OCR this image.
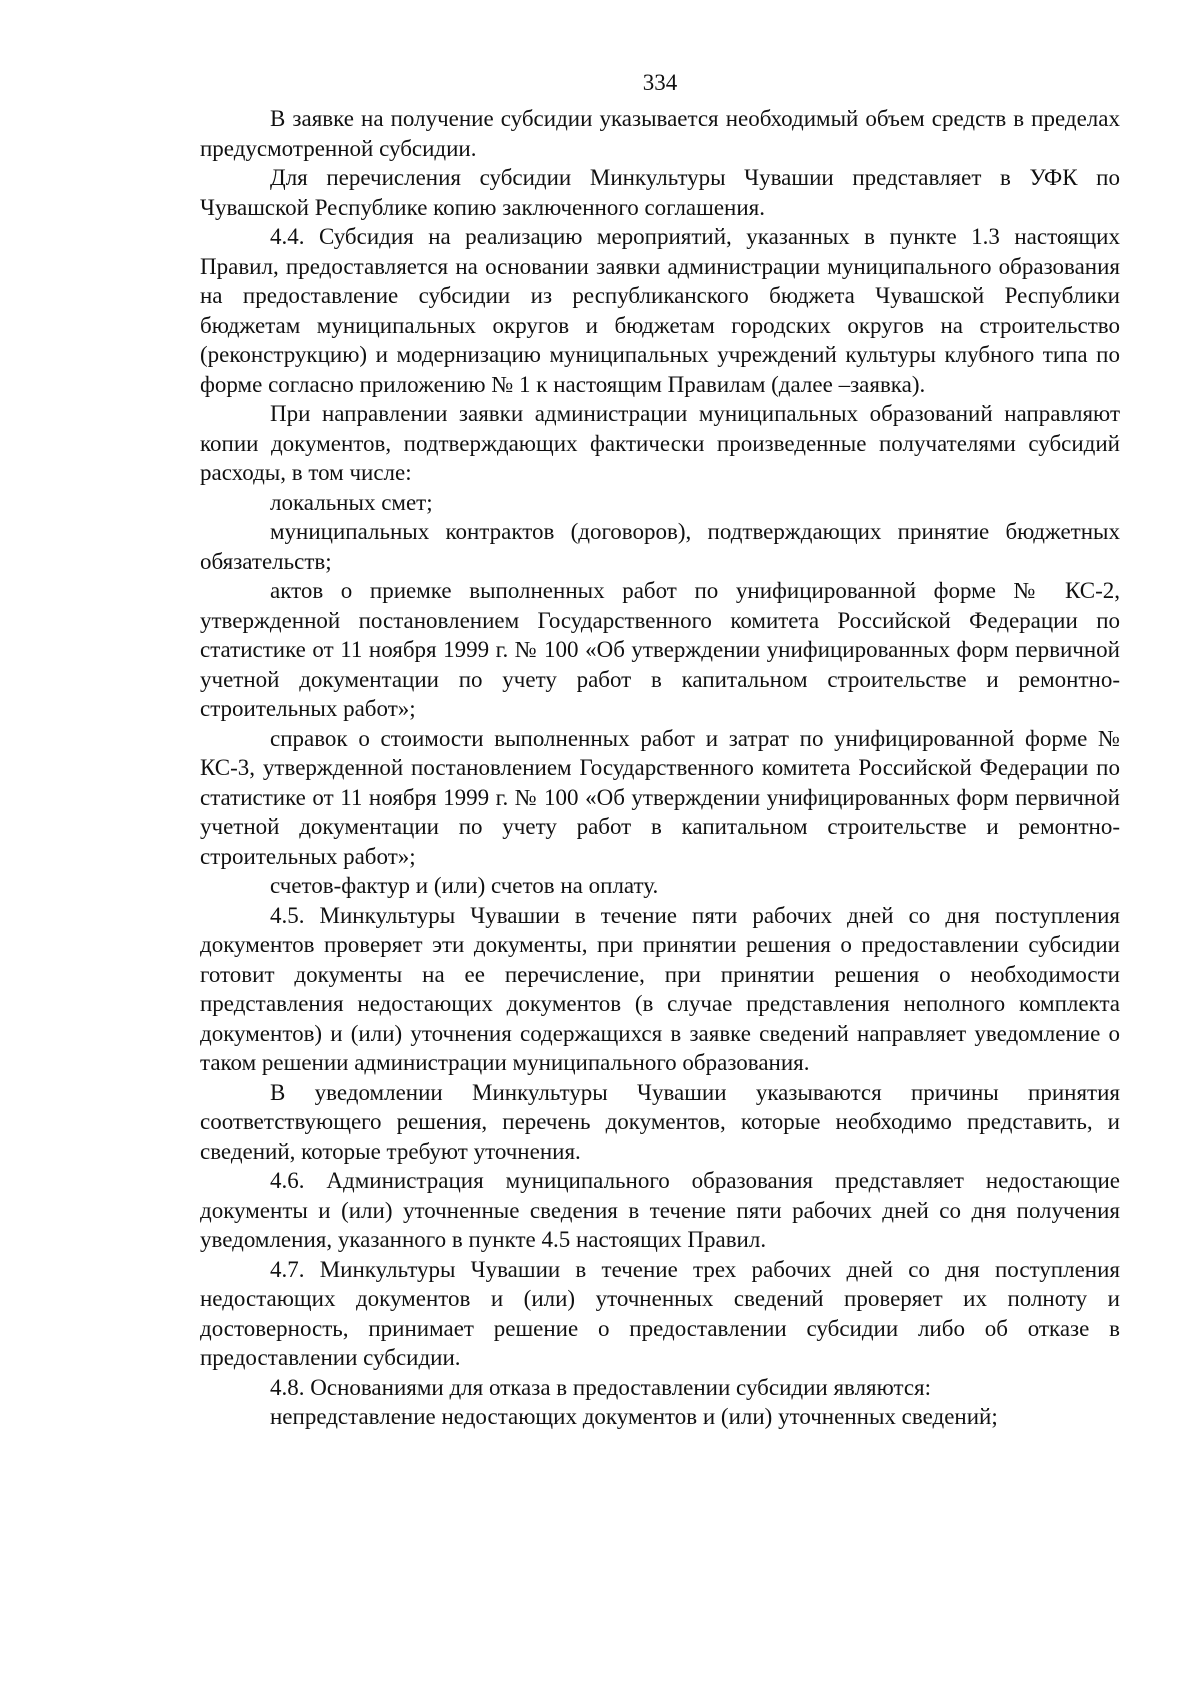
334

В заявке на получение субсидии указывается необходимый объем средств в пределах предусмотренной субсидии.

Для перечисления субсидии Минкультуры Чувашии представляет в УФК по Чувашской Республике копию заключенного соглашения.

4.4. Субсидия на реализацию мероприятий, указанных в пункте 1.3 настоящих Правил, предоставляется на основании заявки администрации муниципального образования на предоставление субсидии из республиканского бюджета Чувашской Республики бюджетам муниципальных округов и бюджетам городских округов на строительство (реконструкцию) и модернизацию муниципальных учреждений культуры клубного типа по форме согласно приложению № 1 к настоящим Правилам (далее –заявка).

При направлении заявки администрации муниципальных образований направляют копии документов, подтверждающих фактически произведенные получателями субсидий расходы, в том числе:

локальных смет;

муниципальных контрактов (договоров), подтверждающих принятие бюджетных обязательств;

актов о приемке выполненных работ по унифицированной форме № КС-2, утвержденной постановлением Государственного комитета Российской Федерации по статистике от 11 ноября 1999 г. № 100 «Об утверждении унифицированных форм первичной учетной документации по учету работ в капитальном строительстве и ремонтно-строительных работ»;

справок о стоимости выполненных работ и затрат по унифицированной форме № КС-3, утвержденной постановлением Государственного комитета Российской Федерации по статистике от 11 ноября 1999 г. № 100 «Об утверждении унифицированных форм первичной учетной документации по учету работ в капитальном строительстве и ремонтно-строительных работ»;

счетов-фактур и (или) счетов на оплату.

4.5. Минкультуры Чувашии в течение пяти рабочих дней со дня поступления документов проверяет эти документы, при принятии решения о предоставлении субсидии готовит документы на ее перечисление, при принятии решения о необходимости представления недостающих документов (в случае представления неполного комплекта документов) и (или) уточнения содержащихся в заявке сведений направляет уведомление о таком решении администрации муниципального образования.

В уведомлении Минкультуры Чувашии указываются причины принятия соответствующего решения, перечень документов, которые необходимо представить, и сведений, которые требуют уточнения.

4.6. Администрация муниципального образования представляет недостающие документы и (или) уточненные сведения в течение пяти рабочих дней со дня получения уведомления, указанного в пункте 4.5 настоящих Правил.

4.7. Минкультуры Чувашии в течение трех рабочих дней со дня поступления недостающих документов и (или) уточненных сведений проверяет их полноту и достоверность, принимает решение о предоставлении субсидии либо об отказе в предоставлении субсидии.

4.8. Основаниями для отказа в предоставлении субсидии являются:

непредставление недостающих документов и (или) уточненных сведений;
